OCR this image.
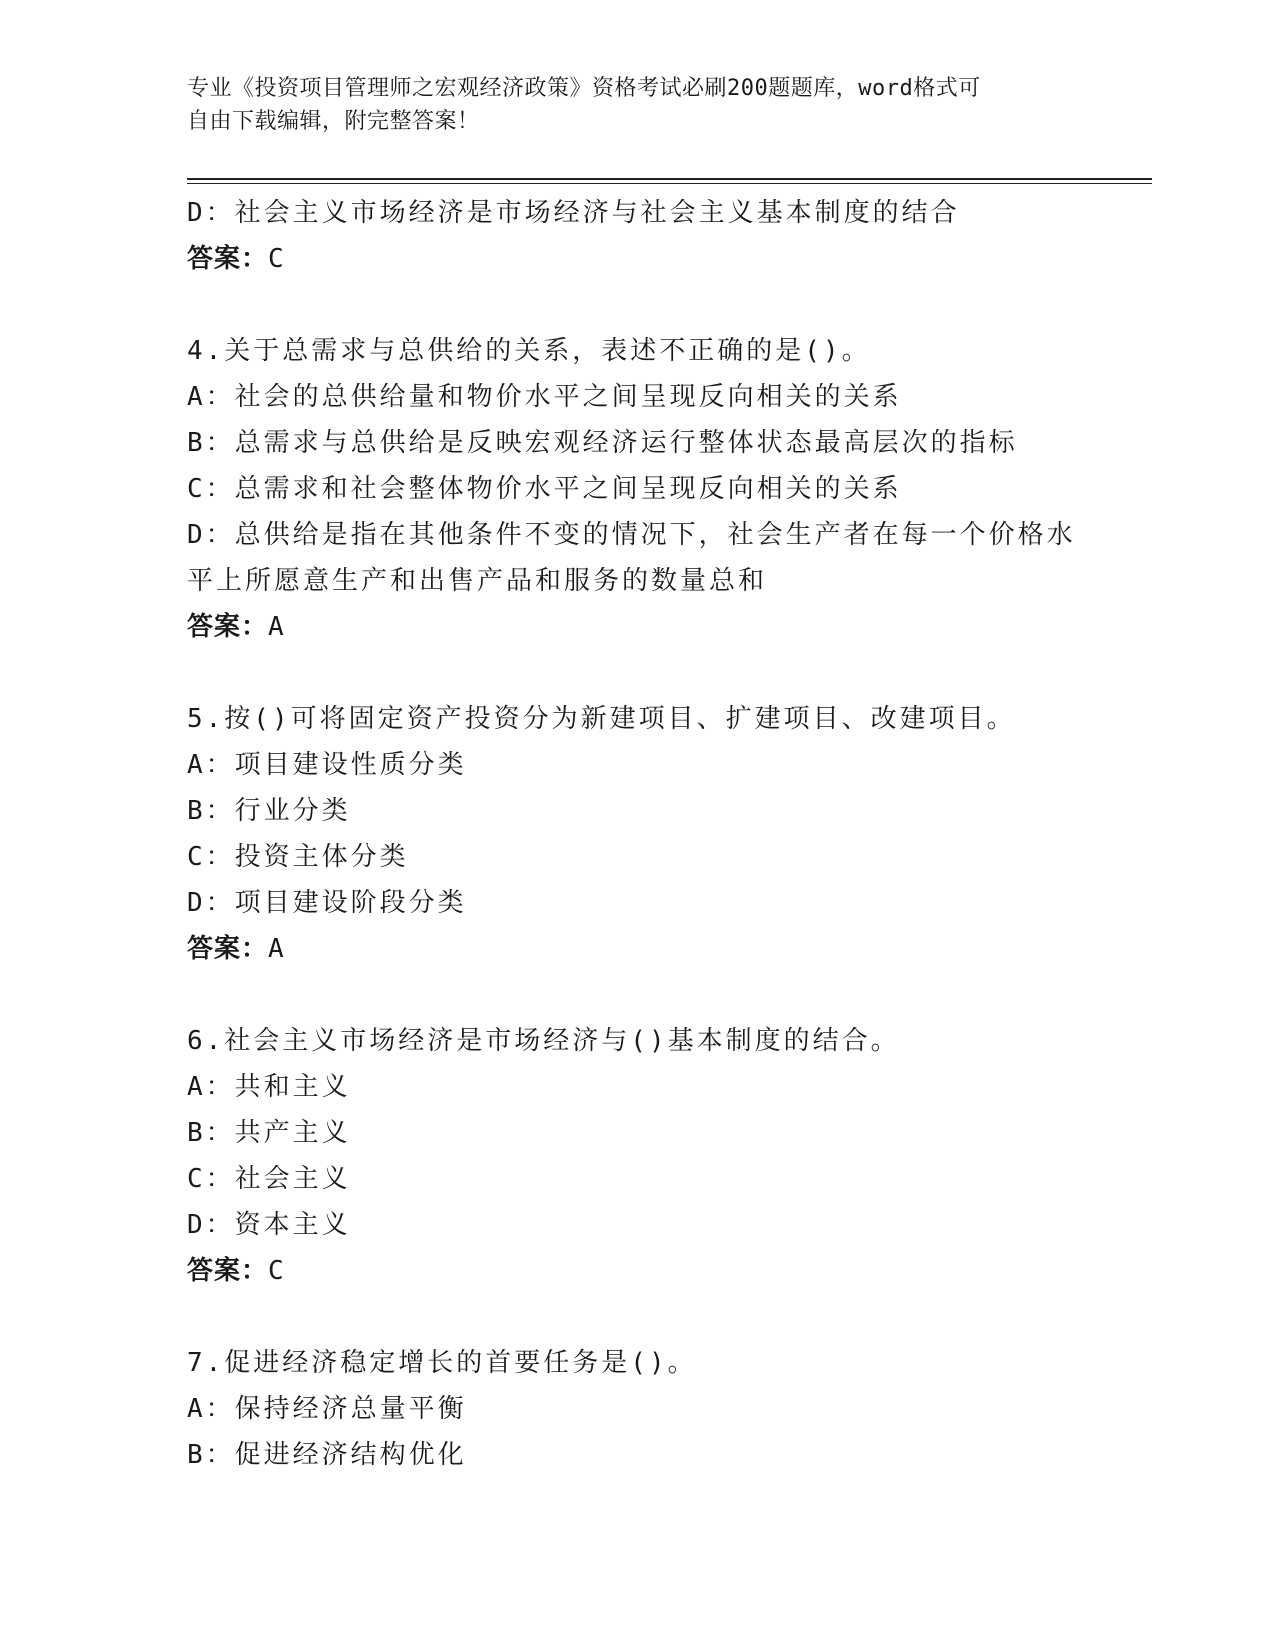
专业《投资项目管理师之宏观经济政策》资格考试必刷200题题库，word格式可
自由下载编辑，附完整答案！
D：社会主义市场经济是市场经济与社会主义基本制度的结合
答案：C
4.关于总需求与总供给的关系，表述不正确的是()。
A：社会的总供给量和物价水平之间呈现反向相关的关系
B：总需求与总供给是反映宏观经济运行整体状态最高层次的指标
C：总需求和社会整体物价水平之间呈现反向相关的关系
D：总供给是指在其他条件不变的情况下，社会生产者在每一个价格水平上所愿意生产和出售产品和服务的数量总和
答案：A
5.按()可将固定资产投资分为新建项目、扩建项目、改建项目。
A：项目建设性质分类
B：行业分类
C：投资主体分类
D：项目建设阶段分类
答案：A
6.社会主义市场经济是市场经济与()基本制度的结合。
A：共和主义
B：共产主义
C：社会主义
D：资本主义
答案：C
7.促进经济稳定增长的首要任务是()。
A：保持经济总量平衡
B：促进经济结构优化
